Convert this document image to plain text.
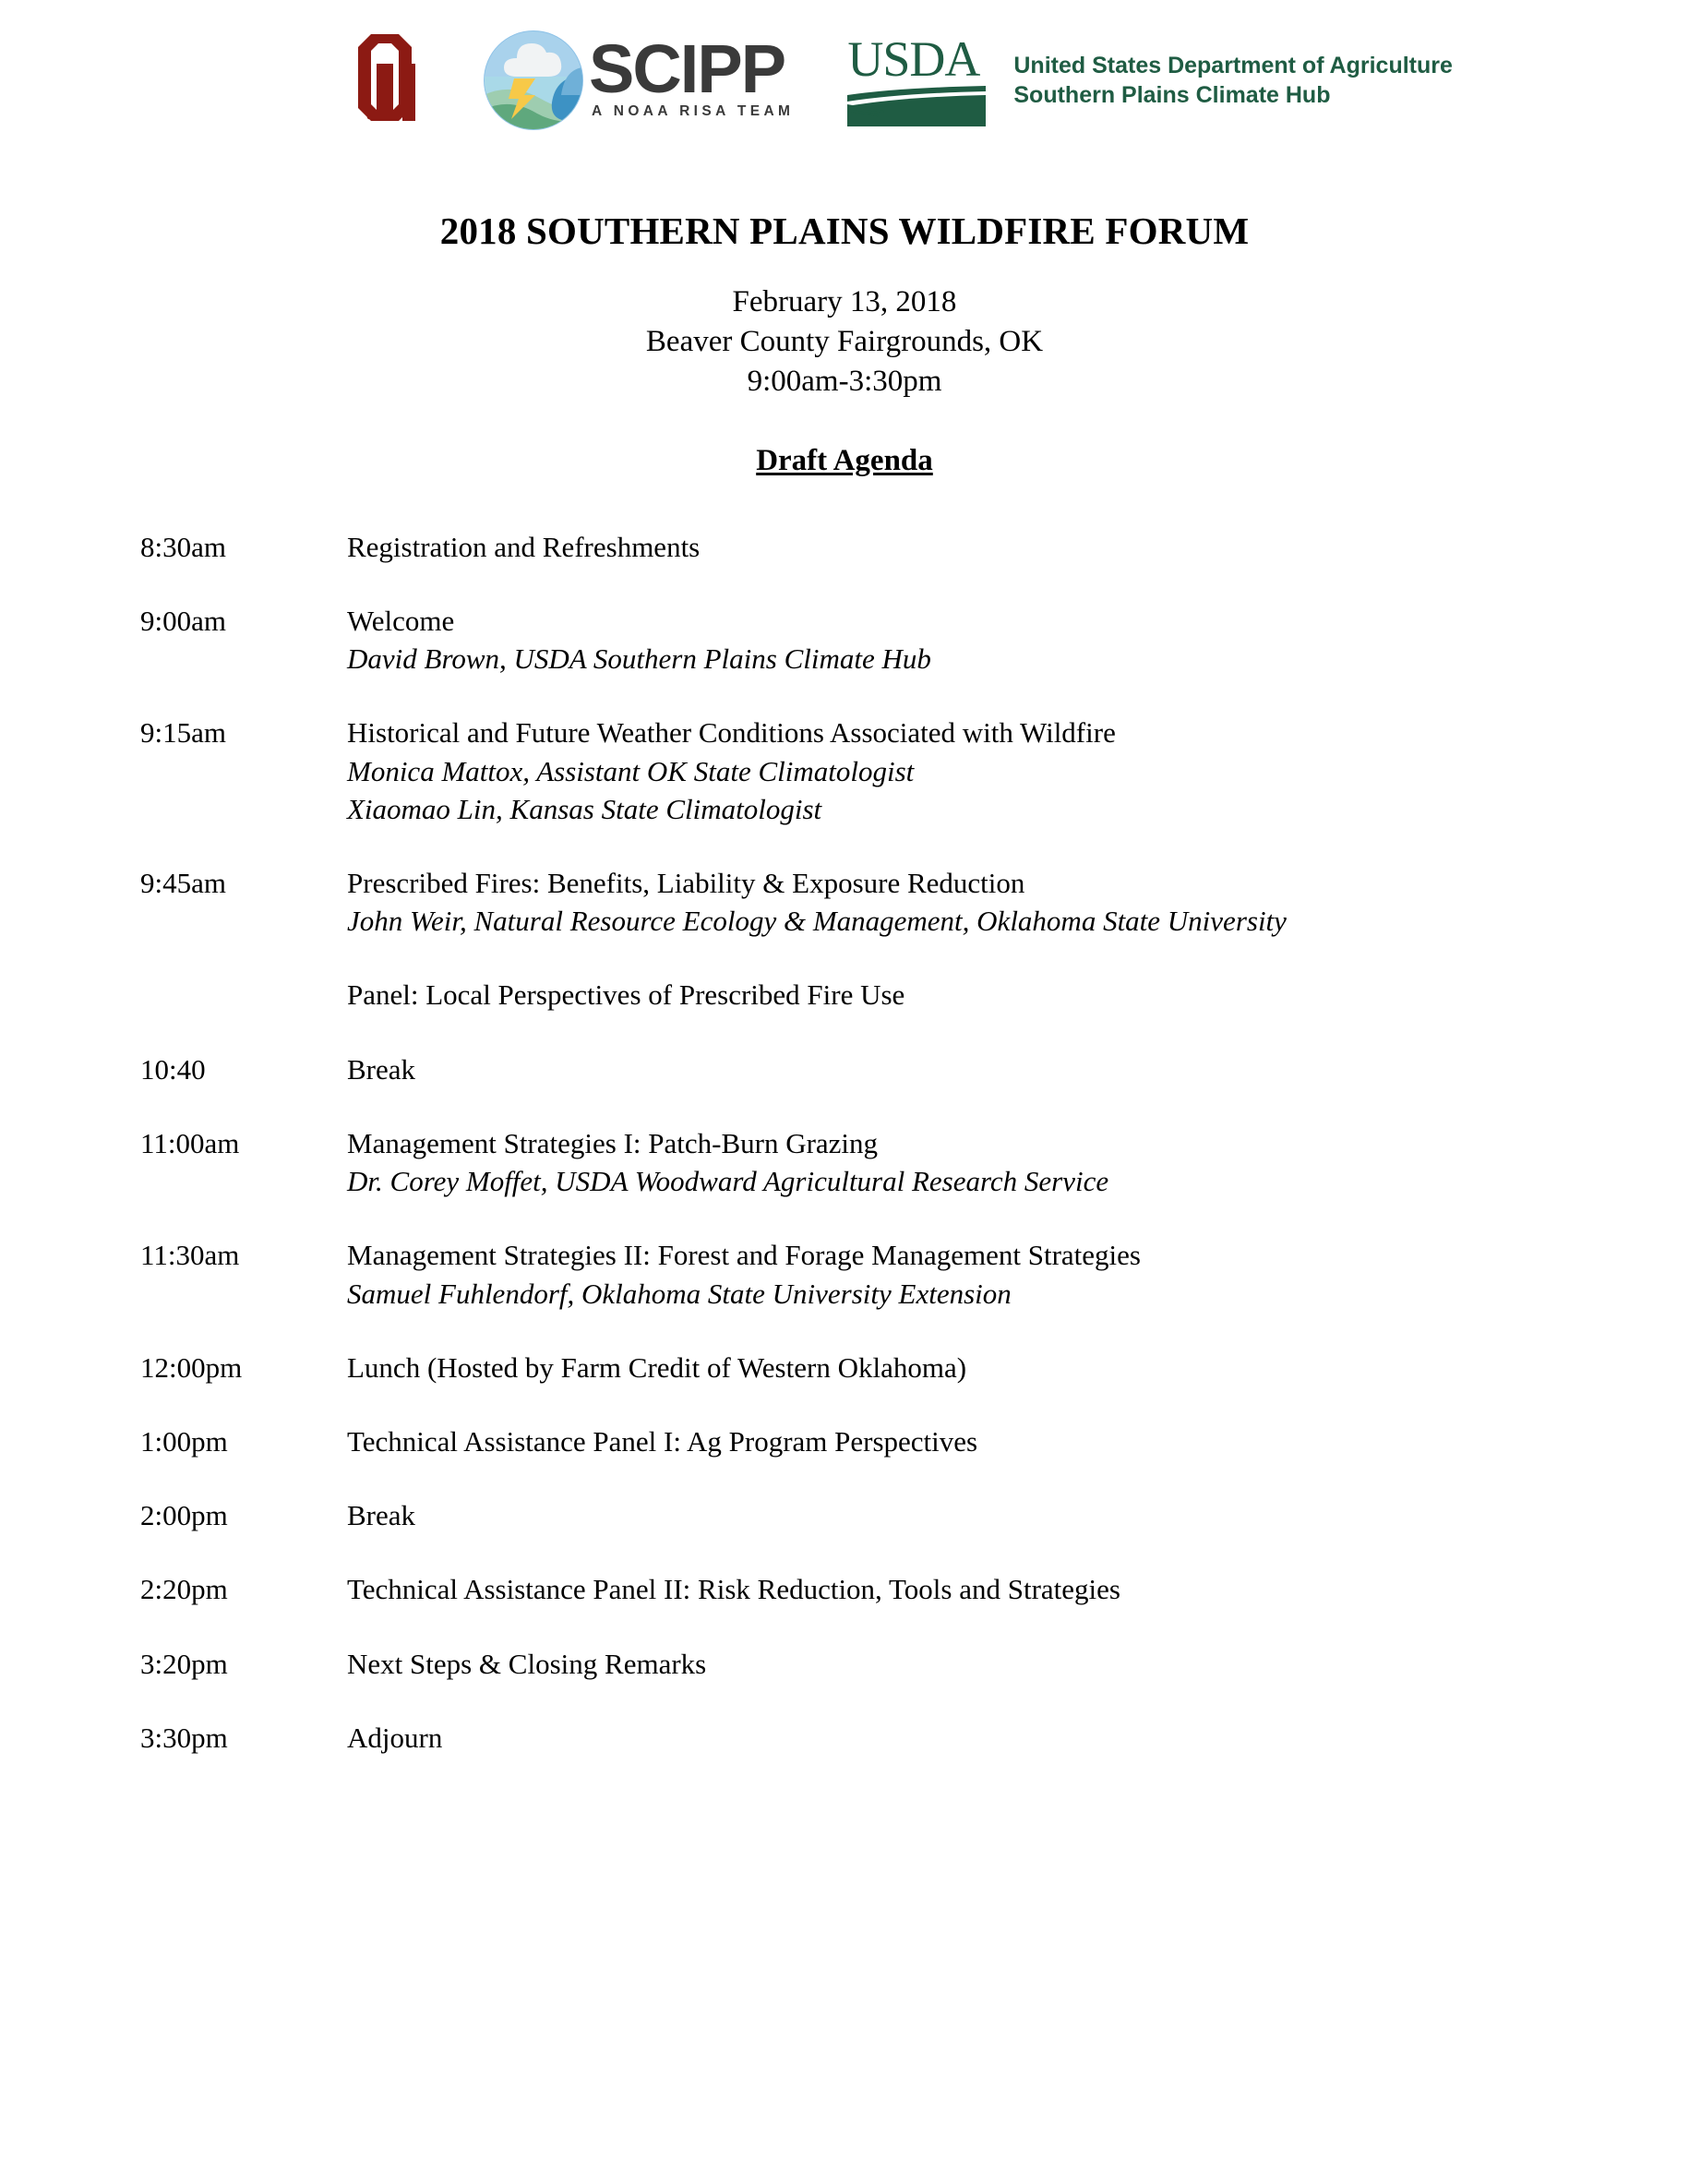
SCIPP
A NOAA RISA TEAM
USDA United States Department of Agriculture
Southern Plains Climate Hub
2018 SOUTHERN PLAINS WILDFIRE FORUM
February 13, 2018
Beaver County Fairgrounds, OK
9:00am-3:30pm
Draft Agenda
8:30am	Registration and Refreshments
9:00am	Welcome
David Brown, USDA Southern Plains Climate Hub
9:15am	Historical and Future Weather Conditions Associated with Wildfire
Monica Mattox, Assistant OK State Climatologist
Xiaomao Lin, Kansas State Climatologist
9:45am	Prescribed Fires: Benefits, Liability & Exposure Reduction
John Weir, Natural Resource Ecology & Management, Oklahoma State University
Panel: Local Perspectives of Prescribed Fire Use
10:40	Break
11:00am	Management Strategies I: Patch-Burn Grazing
Dr. Corey Moffet, USDA Woodward Agricultural Research Service
11:30am	Management Strategies II: Forest and Forage Management Strategies
Samuel Fuhlendorf, Oklahoma State University Extension
12:00pm	Lunch (Hosted by Farm Credit of Western Oklahoma)
1:00pm	Technical Assistance Panel I: Ag Program Perspectives
2:00pm	Break
2:20pm	Technical Assistance Panel II: Risk Reduction, Tools and Strategies
3:20pm	Next Steps & Closing Remarks
3:30pm	Adjourn
